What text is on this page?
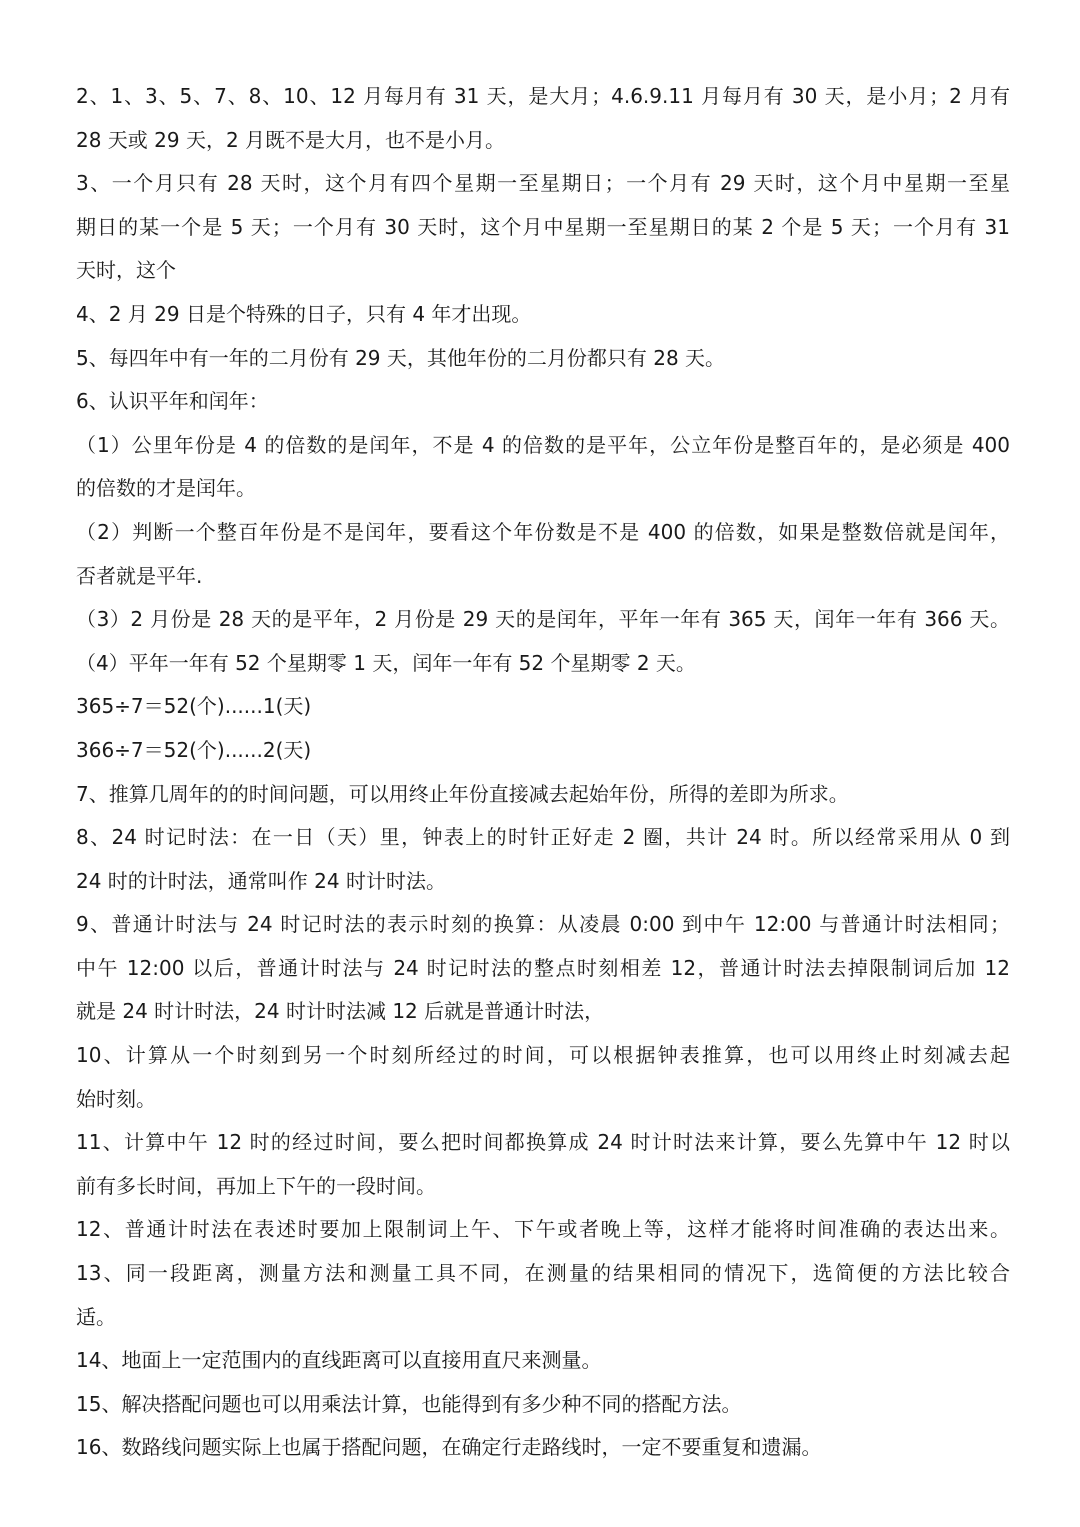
2、1、3、5、7、8、10、12 月每月有 31 天，是大月；4.6.9.11 月每月有 30 天，是小月；2 月有
28 天或 29 天，2 月既不是大月，也不是小月。
3、一个月只有 28 天时，这个月有四个星期一至星期日；一个月有 29 天时，这个月中星期一至星
期日的某一个是 5 天；一个月有 30 天时，这个月中星期一至星期日的某 2 个是 5 天；一个月有 31
天时，这个
4、2 月 29 日是个特殊的日子，只有 4 年才出现。
5、每四年中有一年的二月份有 29 天，其他年份的二月份都只有 28 天。
6、认识平年和闰年：
（1）公里年份是 4 的倍数的是闰年，不是 4 的倍数的是平年，公立年份是整百年的，是必须是 400
的倍数的才是闰年。
（2）判断一个整百年份是不是闰年，要看这个年份数是不是 400 的倍数，如果是整数倍就是闰年，
否者就是平年.
（3）2 月份是 28 天的是平年，2 月份是 29 天的是闰年，平年一年有 365 天，闰年一年有 366 天。
（4）平年一年有 52 个星期零 1 天，闰年一年有 52 个星期零 2 天。
365÷7＝52(个)......1(天)
366÷7＝52(个)......2(天)
7、推算几周年的的时间问题，可以用终止年份直接减去起始年份，所得的差即为所求。
8、24 时记时法：在一日（天）里，钟表上的时针正好走 2 圈，共计 24 时。所以经常采用从 0 到
24 时的计时法，通常叫作 24 时计时法。
9、普通计时法与 24 时记时法的表示时刻的换算：从凌晨 0:00 到中午 12:00 与普通计时法相同；
中午 12:00 以后，普通计时法与 24 时记时法的整点时刻相差 12，普通计时法去掉限制词后加 12
就是 24 时计时法，24 时计时法减 12 后就是普通计时法，
10、计算从一个时刻到另一个时刻所经过的时间，可以根据钟表推算，也可以用终止时刻减去起
始时刻。
11、计算中午 12 时的经过时间，要么把时间都换算成 24 时计时法来计算，要么先算中午 12 时以
前有多长时间，再加上下午的一段时间。
12、普通计时法在表述时要加上限制词上午、下午或者晚上等，这样才能将时间准确的表达出来。
13、同一段距离，测量方法和测量工具不同，在测量的结果相同的情况下，选简便的方法比较合
适。
14、地面上一定范围内的直线距离可以直接用直尺来测量。
15、解决搭配问题也可以用乘法计算，也能得到有多少种不同的搭配方法。
16、数路线问题实际上也属于搭配问题，在确定行走路线时，一定不要重复和遗漏。
